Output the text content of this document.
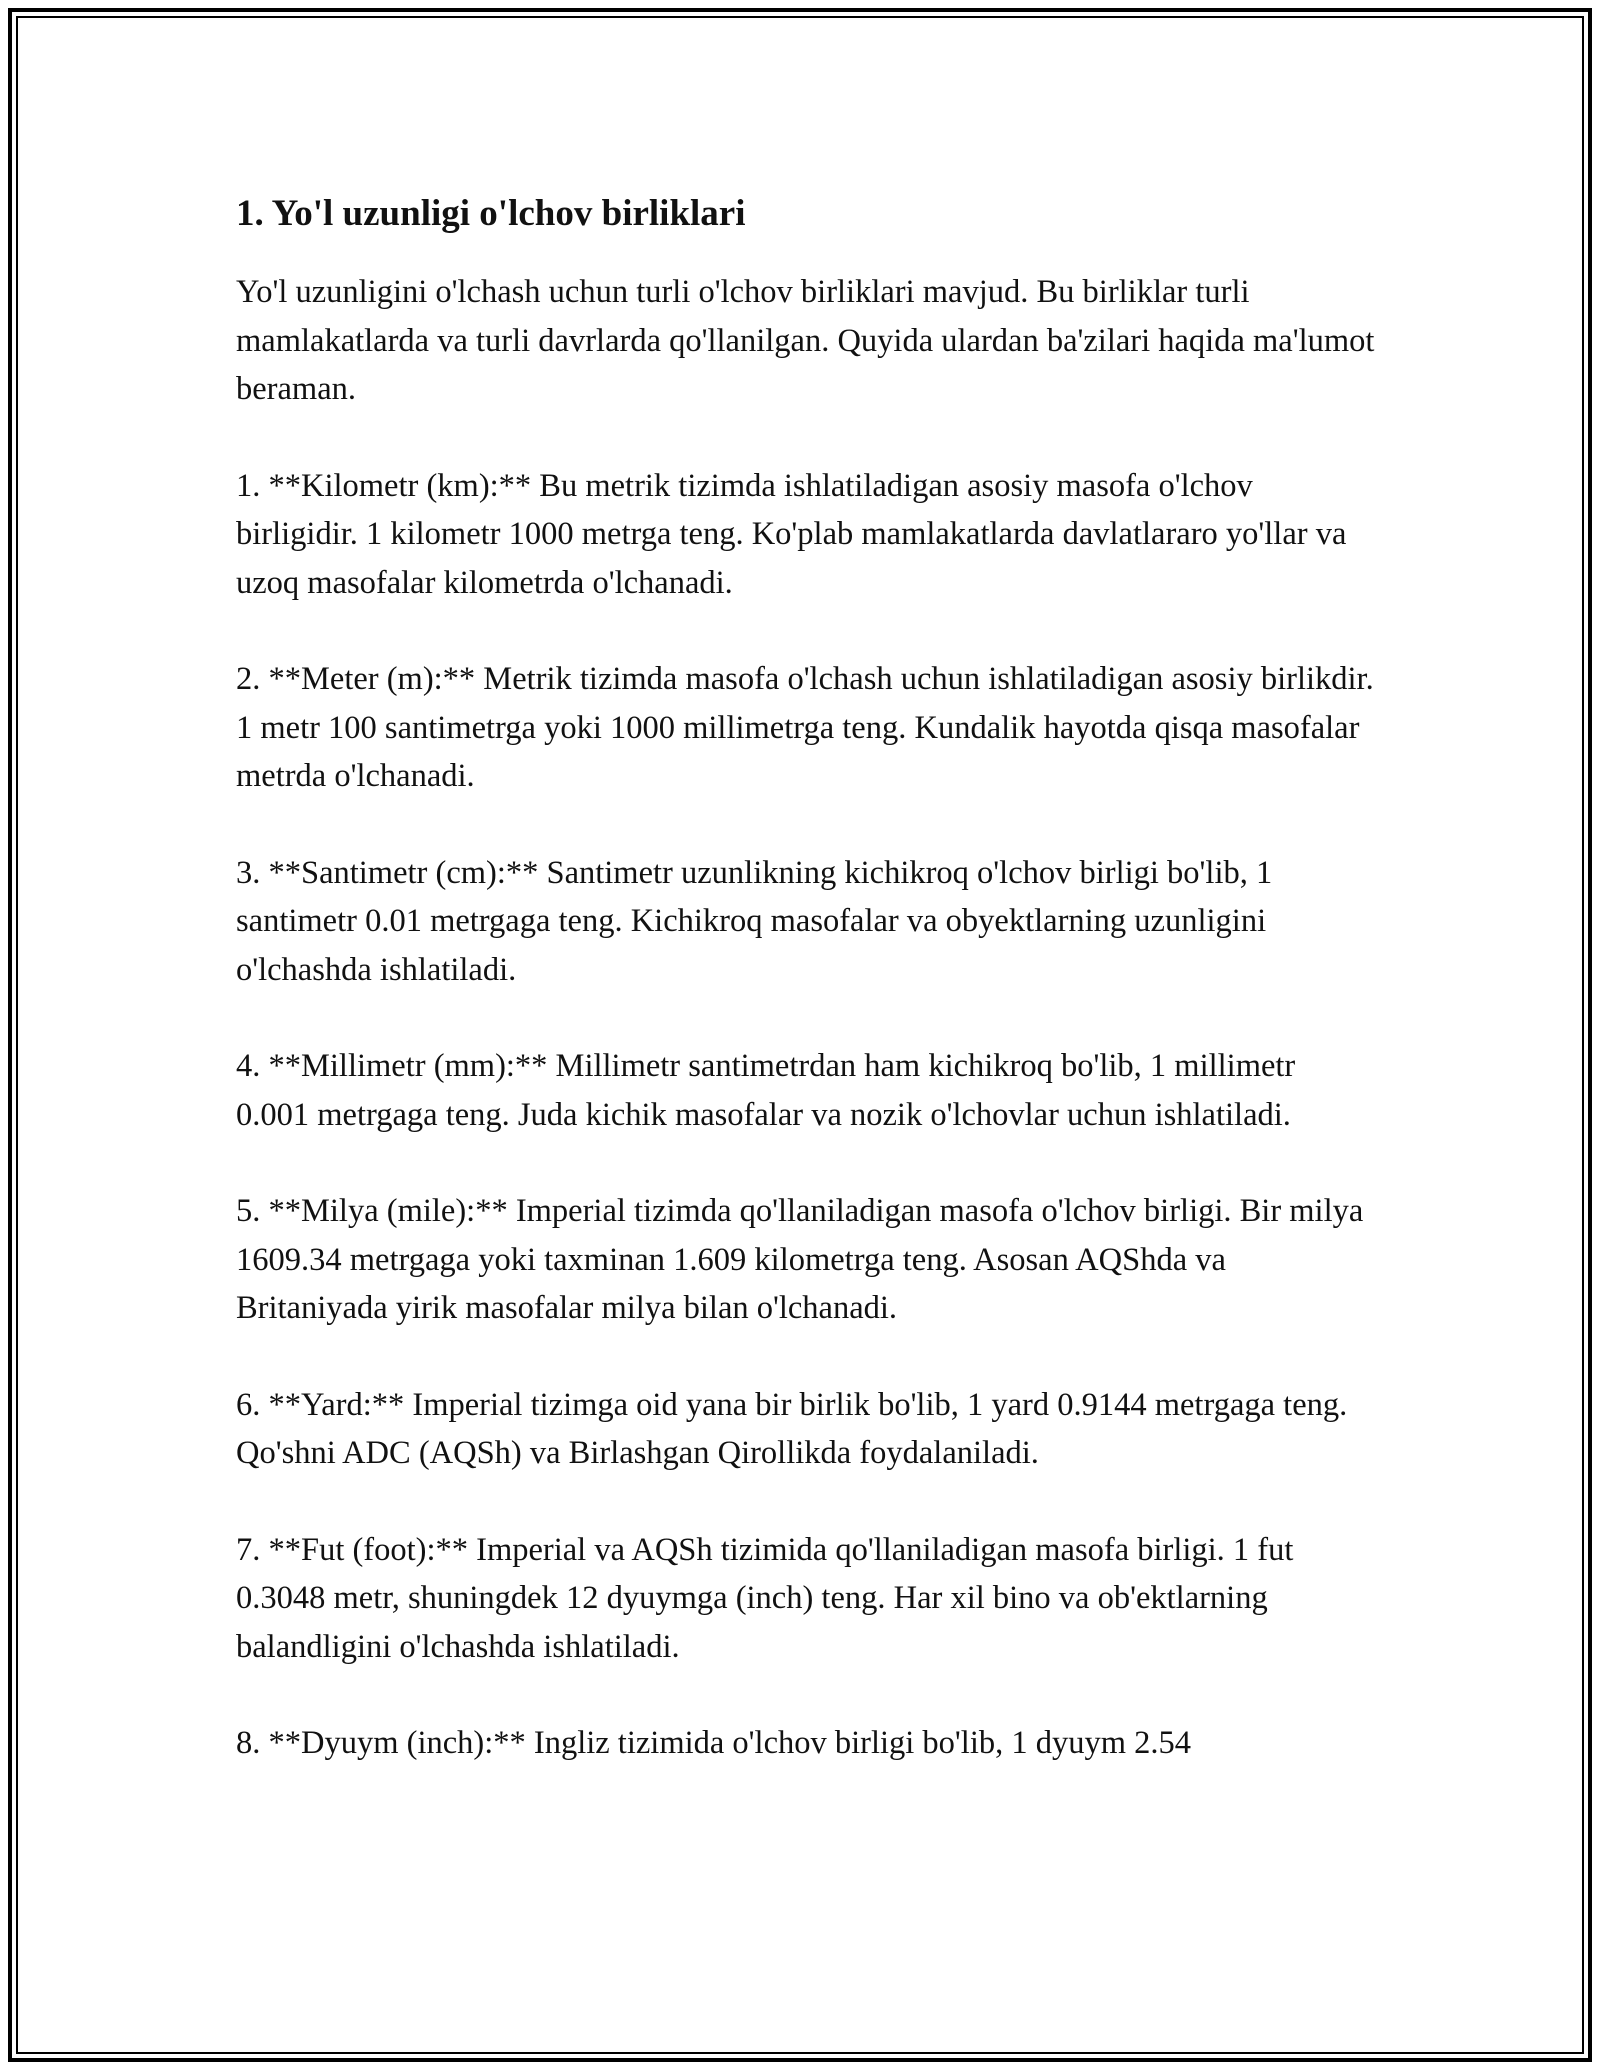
1. Yo'l uzunligi o'lchov birliklari

Yo'l uzunligini o'lchash uchun turli o'lchov birliklari mavjud. Bu birliklar turli mamlakatlarda va turli davrlarda qo'llanilgan. Quyida ulardan ba'zilari haqida ma'lumot beraman.

1. **Kilometr (km):** Bu metrik tizimda ishlatiladigan asosiy masofa o'lchov birligidir. 1 kilometr 1000 metrga teng. Ko'plab mamlakatlarda davlatlararo yo'llar va uzoq masofalar kilometrda o'lchanadi.

2. **Meter (m):** Metrik tizimda masofa o'lchash uchun ishlatiladigan asosiy birlikdir. 1 metr 100 santimetrga yoki 1000 millimetrga teng. Kundalik hayotda qisqa masofalar metrda o'lchanadi.

3. **Santimetr (cm):** Santimetr uzunlikning kichikroq o'lchov birligi bo'lib, 1 santimetr 0.01 metrgaga teng. Kichikroq masofalar va obyektlarning uzunligini o'lchashda ishlatiladi.

4. **Millimetr (mm):** Millimetr santimetrdan ham kichikroq bo'lib, 1 millimetr 0.001 metrgaga teng. Juda kichik masofalar va nozik o'lchovlar uchun ishlatiladi.

5. **Milya (mile):** Imperial tizimda qo'llaniladigan masofa o'lchov birligi. Bir milya 1609.34 metrgaga yoki taxminan 1.609 kilometrga teng. Asosan AQShda va Britaniyada yirik masofalar milya bilan o'lchanadi.

6. **Yard:** Imperial tizimga oid yana bir birlik bo'lib, 1 yard 0.9144 metrgaga teng. Qo'shni ADC (AQSh) va Birlashgan Qirollikda foydalaniladi.

7. **Fut (foot):** Imperial va AQSh tizimida qo'llaniladigan masofa birligi. 1 fut 0.3048 metr, shuningdek 12 dyuymga (inch) teng. Har xil bino va ob'ektlarning balandligini o'lchashda ishlatiladi.

8. **Dyuym (inch):** Ingliz tizimida o'lchov birligi bo'lib, 1 dyuym 2.54
